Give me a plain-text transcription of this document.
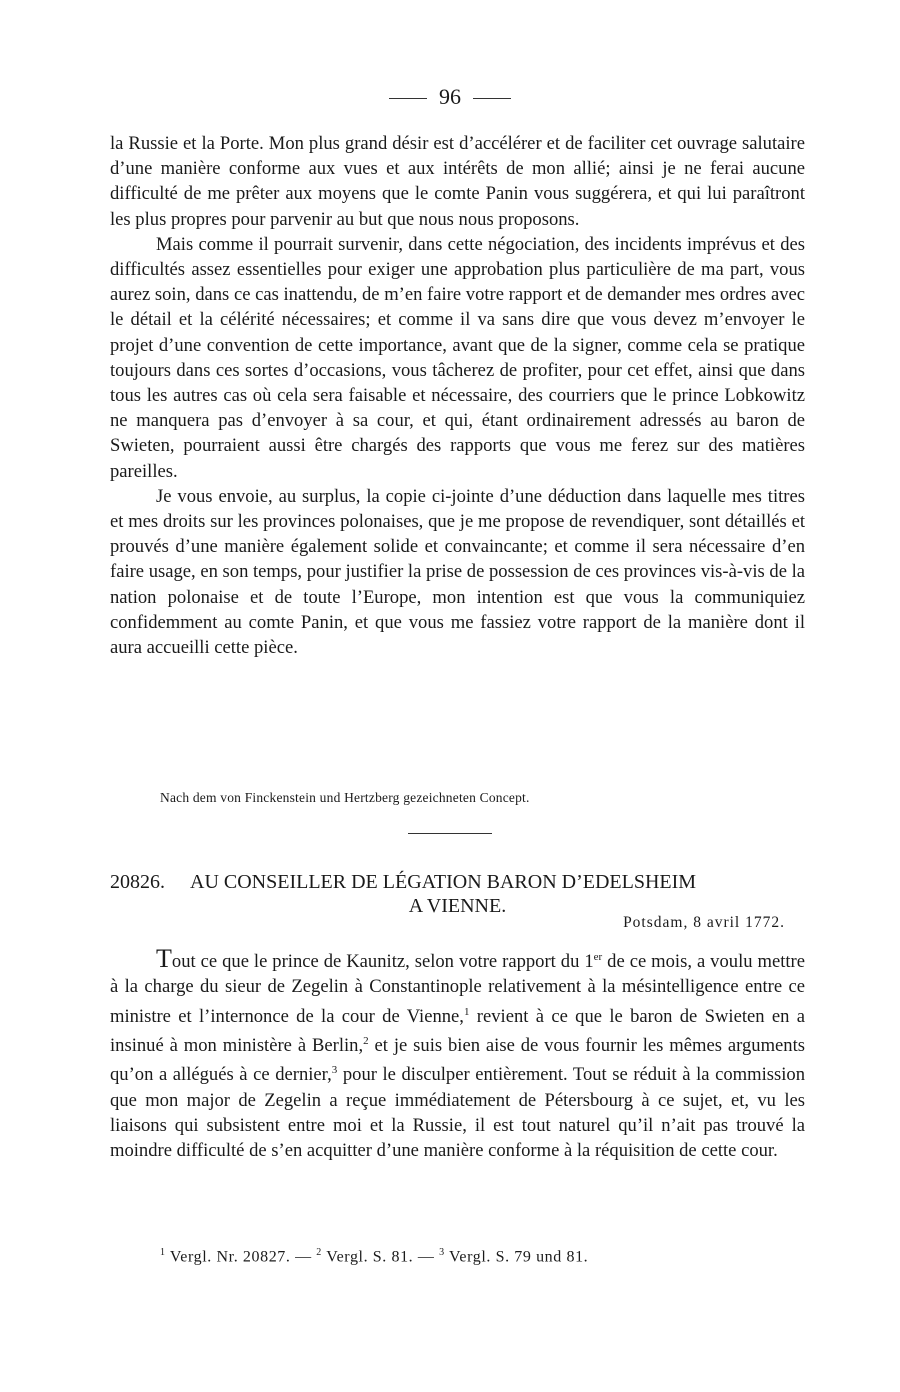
96

la Russie et la Porte. Mon plus grand désir est d’accélérer et de faciliter cet ouvrage salutaire d’une manière conforme aux vues et aux intérêts de mon allié; ainsi je ne ferai aucune difficulté de me prêter aux moyens que le comte Panin vous suggérera, et qui lui paraîtront les plus propres pour parvenir au but que nous nous proposons.

Mais comme il pourrait survenir, dans cette négociation, des incidents imprévus et des difficultés assez essentielles pour exiger une approbation plus particulière de ma part, vous aurez soin, dans ce cas inattendu, de m’en faire votre rapport et de demander mes ordres avec le détail et la célérité nécessaires; et comme il va sans dire que vous devez m’envoyer le projet d’une convention de cette importance, avant que de la signer, comme cela se pratique toujours dans ces sortes d’occasions, vous tâcherez de profiter, pour cet effet, ainsi que dans tous les autres cas où cela sera faisable et nécessaire, des courriers que le prince Lobkowitz ne manquera pas d’envoyer à sa cour, et qui, étant ordinairement adressés au baron de Swieten, pourraient aussi être chargés des rapports que vous me ferez sur des matières pareilles.

Je vous envoie, au surplus, la copie ci-jointe d’une déduction dans laquelle mes titres et mes droits sur les provinces polonaises, que je me propose de revendiquer, sont détaillés et prouvés d’une manière également solide et convaincante; et comme il sera nécessaire d’en faire usage, en son temps, pour justifier la prise de possession de ces provinces vis-à-vis de la nation polonaise et de toute l’Europe, mon intention est que vous la communiquiez confidemment au comte Panin, et que vous me fassiez votre rapport de la manière dont il aura accueilli cette pièce.

Nach dem von Finckenstein und Hertzberg gezeichneten Concept.
20826.	AU CONSEILLER DE LÉGATION BARON D’EDELSHEIM
A VIENNE.
Potsdam, 8 avril 1772.

Tout ce que le prince de Kaunitz, selon votre rapport du 1er de ce mois, a voulu mettre à la charge du sieur de Zegelin à Constantinople relativement à la mésintelligence entre ce ministre et l’internonce de la cour de Vienne,$^1$ revient à ce que le baron de Swieten en a insinué à mon ministère à Berlin,$^2$ et je suis bien aise de vous fournir les mêmes arguments qu’on a allégués à ce dernier,$^3$ pour le disculper entièrement. Tout se réduit à la commission que mon major de Zegelin a reçue immédiatement de Pétersbourg à ce sujet, et, vu les liaisons qui subsistent entre moi et la Russie, il est tout naturel qu’il n’ait pas trouvé la moindre difficulté de s’en acquitter d’une manière conforme à la réquisition de cette cour.

$^1$ Vergl. Nr. 20827. — $^2$ Vergl. S. 81. — $^3$ Vergl. S. 79 und 81.
